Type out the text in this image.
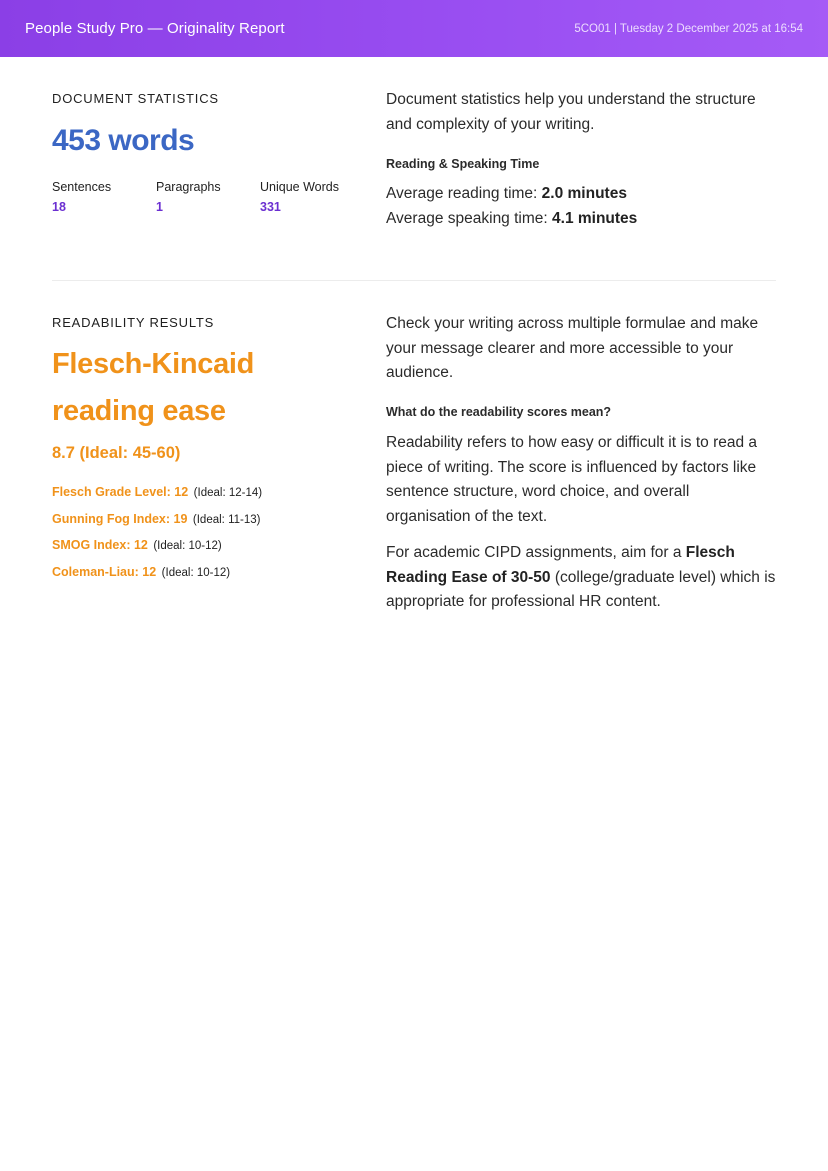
People Study Pro — Originality Report	5CO01 | Tuesday 2 December 2025 at 16:54
DOCUMENT STATISTICS
453 words
Sentences
18
Paragraphs
1
Unique Words
331

Document statistics help you understand the structure and complexity of your writing.

Reading & Speaking Time

Average reading time: 2.0 minutes

Average speaking time: 4.1 minutes

READABILITY RESULTS
Flesch-Kincaid reading ease
8.7 (Ideal: 45-60)
Flesch Grade Level: 12 (Ideal: 12-14)
Gunning Fog Index: 19 (Ideal: 11-13)
SMOG Index: 12 (Ideal: 10-12)
Coleman-Liau: 12 (Ideal: 10-12)

Check your writing across multiple formulae and make your message clearer and more accessible to your audience.

What do the readability scores mean?

Readability refers to how easy or difficult it is to read a piece of writing. The score is influenced by factors like sentence structure, word choice, and overall organisation of the text.

For academic CIPD assignments, aim for a Flesch Reading Ease of 30-50 (college/graduate level) which is appropriate for professional HR content.
